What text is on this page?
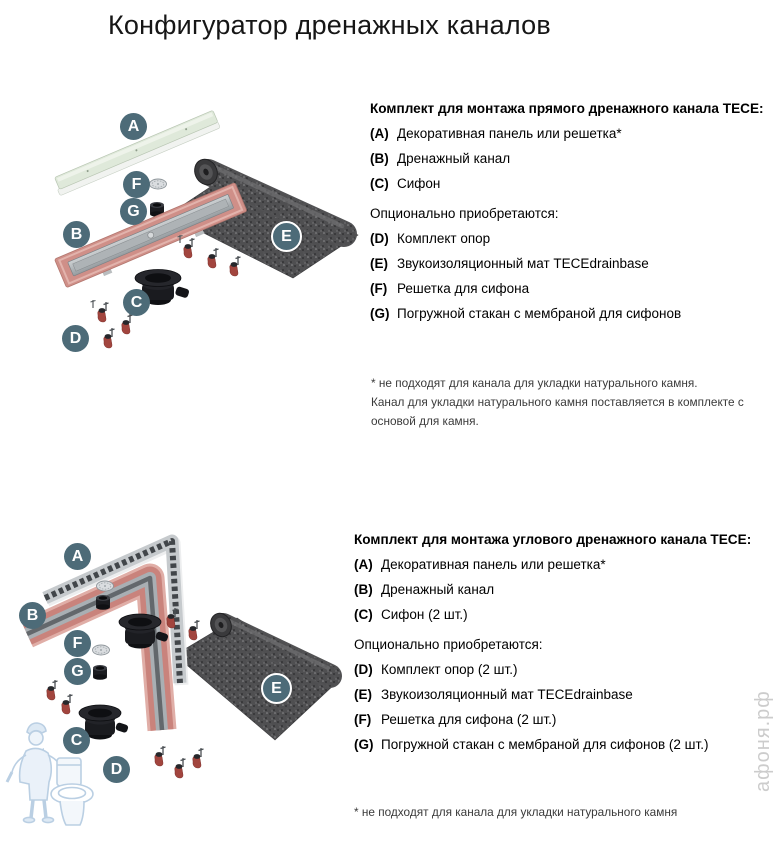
Конфигуратор дренажных каналов
A
F
G
B	E
C
D
Комплект для монтажа прямого дренажного канала TECE:
(A) Декоративная панель или решетка*
(B) Дренажный канал
(C) Сифон
Опционально приобретаются:
(D) Комплект опор
(E) Звукоизоляционный мат TECEdrainbase
(F) Решетка для сифона
(G) Погружной стакан с мембраной для сифонов
* не подходят для канала для укладки натурального камня.
Канал для укладки натурального камня поставляется в комплекте с
основой для камня.
A
B
F
G
C
D
E
Комплект для монтажа углового дренажного канала TECE:
(A) Декоративная панель или решетка*
(B) Дренажный канал
(C) Сифон (2 шт.)
Опционально приобретаются:
(D) Комплект опор (2 шт.)
(E) Звукоизоляционный мат TECEdrainbase
(F) Решетка для сифона (2 шт.)
(G) Погружной стакан с мембраной для сифонов (2 шт.)
* не подходят для канала для укладки натурального камня
афоня.рф
